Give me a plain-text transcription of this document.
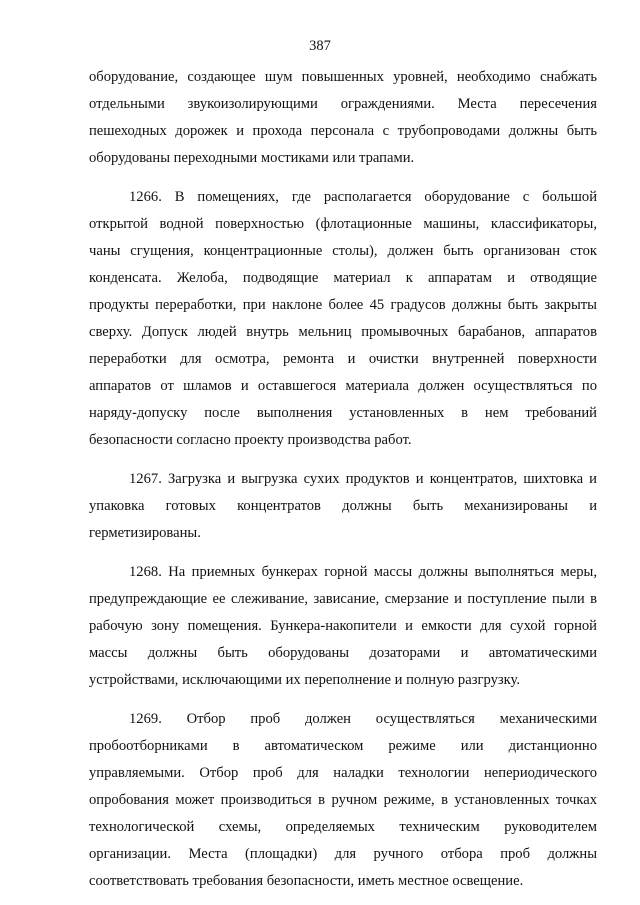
387
оборудование, создающее шум повышенных уровней, необходимо снабжать
отдельными звукоизолирующими ограждениями. Места пересечения
пешеходных дорожек и прохода персонала с трубопроводами должны быть
оборудованы переходными мостиками или трапами.
1266. В помещениях, где располагается оборудование с большой
открытой водной поверхностью (флотационные машины, классификаторы,
чаны сгущения, концентрационные столы), должен быть организован сток
конденсата. Желоба, подводящие материал к аппаратам и отводящие
продукты переработки, при наклоне более 45 градусов должны быть закрыты
сверху. Допуск людей внутрь мельниц промывочных барабанов, аппаратов
переработки для осмотра, ремонта и очистки внутренней поверхности
аппаратов от шламов и оставшегося материала должен осуществляться по
наряду-допуску после выполнения установленных в нем требований
безопасности согласно проекту производства работ.
1267. Загрузка и выгрузка сухих продуктов и концентратов, шихтовка и
упаковка готовых концентратов должны быть механизированы и
герметизированы.
1268. На приемных бункерах горной массы должны выполняться меры,
предупреждающие ее слеживание, зависание, смерзание и поступление пыли в
рабочую зону помещения. Бункера-накопители и емкости для сухой горной
массы должны быть оборудованы дозаторами и автоматическими
устройствами, исключающими их переполнение и полную разгрузку.
1269. Отбор проб должен осуществляться механическими
пробоотборниками в автоматическом режиме или дистанционно
управляемыми. Отбор проб для наладки технологии непериодического
опробования может производиться в ручном режиме, в установленных точках
технологической схемы, определяемых техническим руководителем
организации. Места (площадки) для ручного отбора проб должны
соответствовать требования безопасности, иметь местное освещение.
